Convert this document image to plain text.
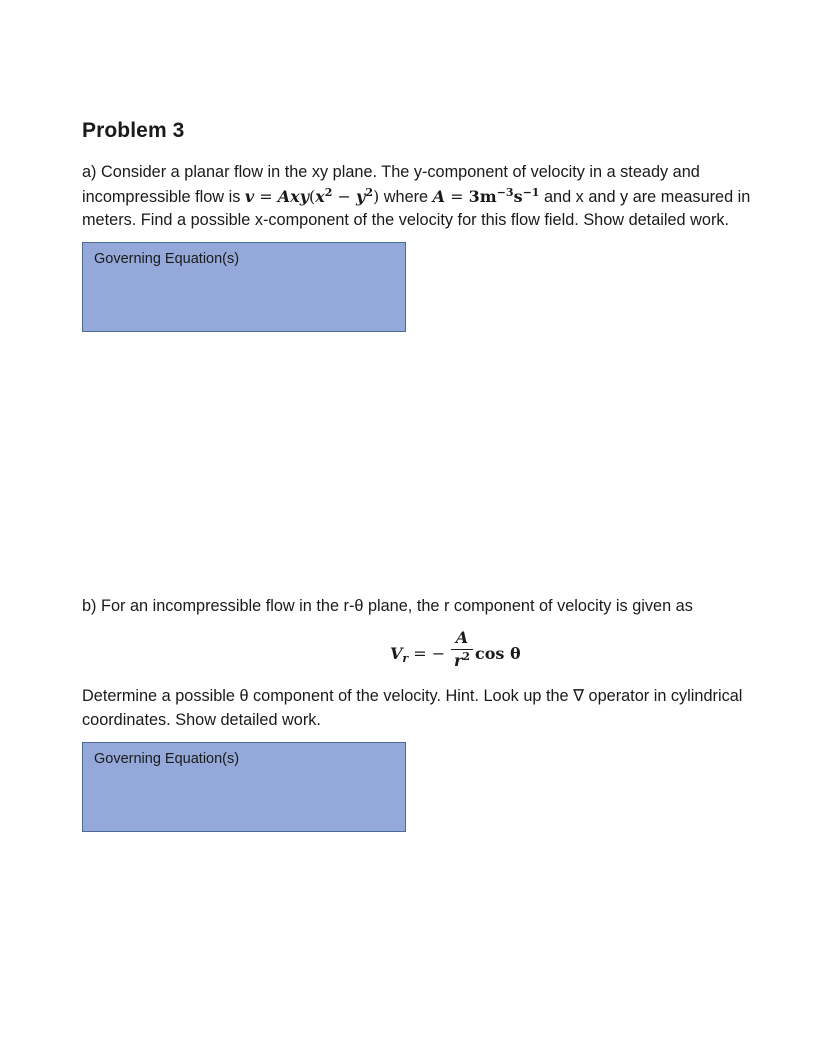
Problem 3
a) Consider a planar flow in the xy plane. The y-component of velocity in a steady and
incompressible flow is $v = Axy(x^2 - y^2)$ where $A = 3m^{-3}s^{-1}$ and x and y are measured in
meters. Find a possible x-component of the velocity for this flow field. Show detailed work.
Governing Equation(s)
b) For an incompressible flow in the r-θ plane, the r component of velocity is given as
$V_r$ = −
A
$r^2$ cos θ
Determine a possible θ component of the velocity. Hint. Look up the ∇ operator in cylindrical
coordinates. Show detailed work.
Governing Equation(s)
